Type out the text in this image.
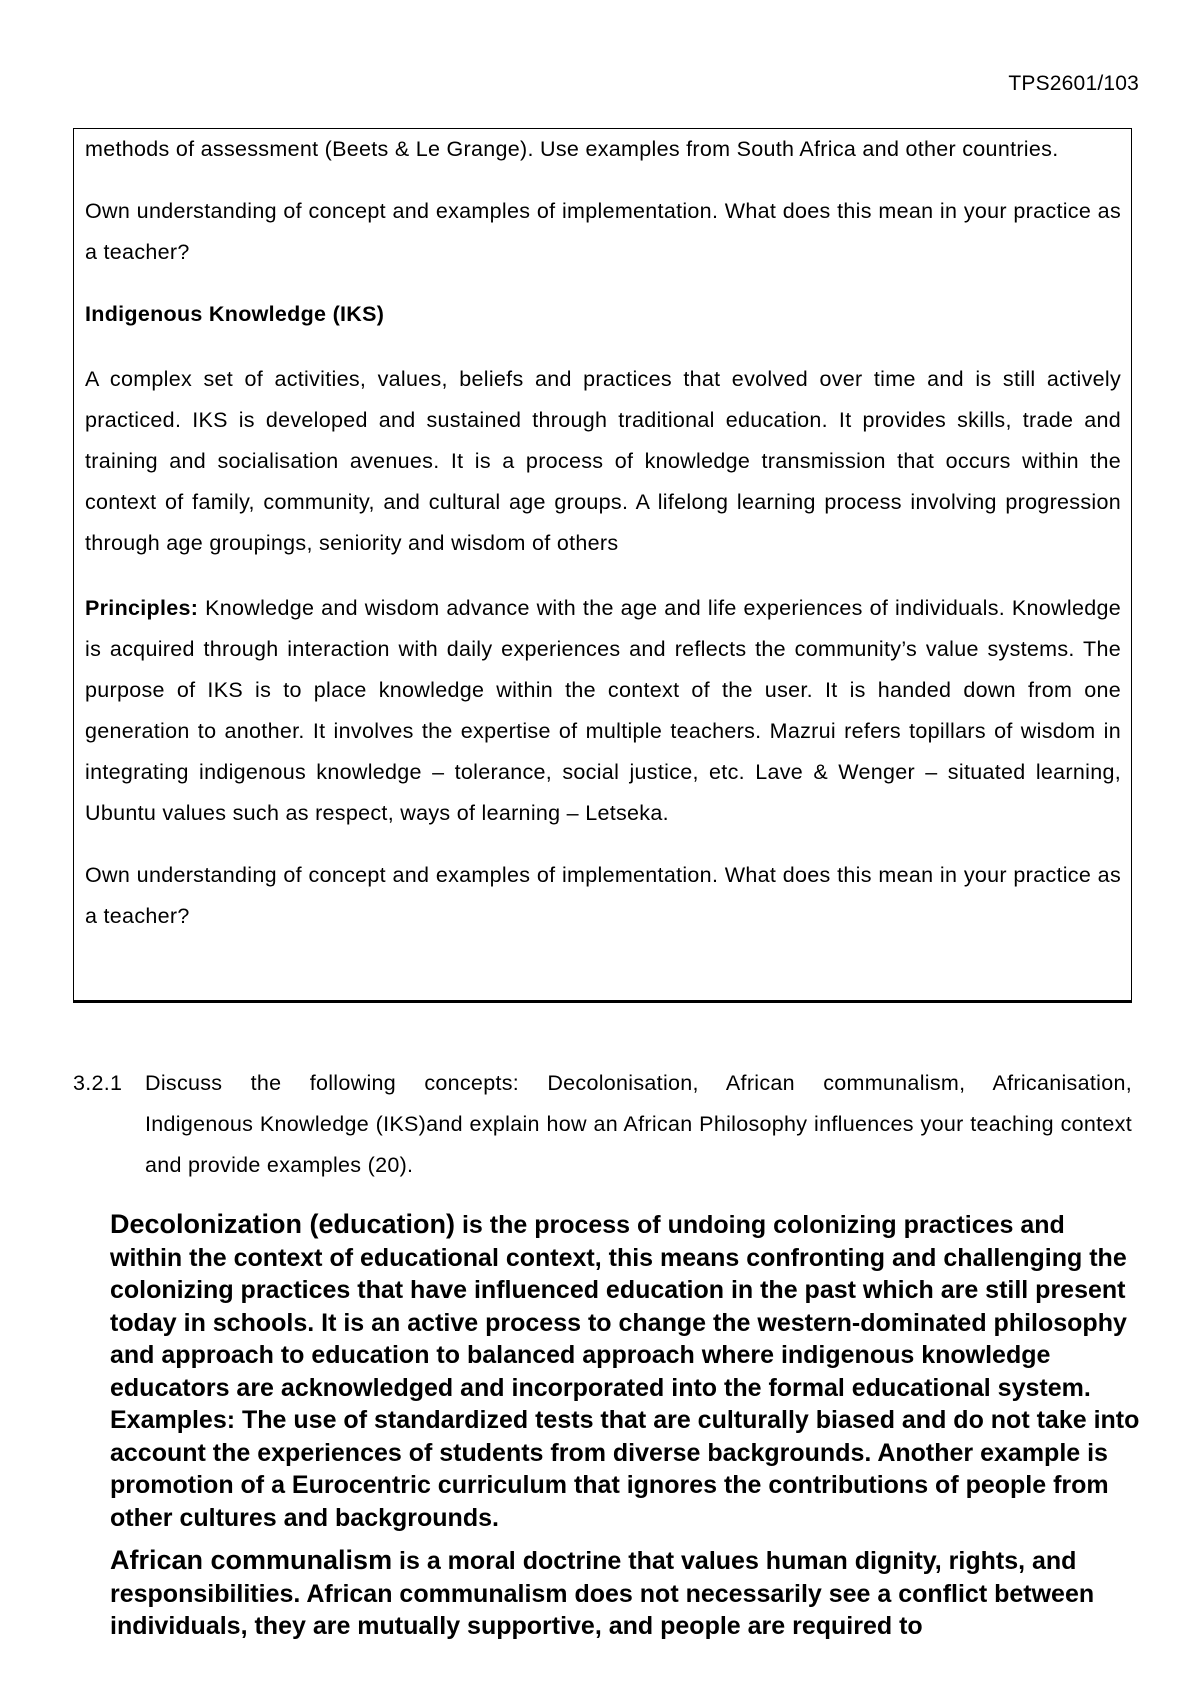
TPS2601/103

methods of assessment (Beets & Le Grange). Use examples from South Africa and other countries.

Own understanding of concept and examples of implementation. What does this mean in your practice as a teacher?

Indigenous Knowledge (IKS)

A complex set of activities, values, beliefs and practices that evolved over time and is still actively practiced. IKS is developed and sustained through traditional education. It provides skills, trade and training and socialisation avenues. It is a process of knowledge transmission that occurs within the context of family, community, and cultural age groups. A lifelong learning process involving progression through age groupings, seniority and wisdom of others

Principles: Knowledge and wisdom advance with the age and life experiences of individuals. Knowledge is acquired through interaction with daily experiences and reflects the community’s value systems. The purpose of IKS is to place knowledge within the context of the user. It is handed down from one generation to another. It involves the expertise of multiple teachers. Mazrui refers topillars of wisdom in integrating indigenous knowledge – tolerance, social justice, etc. Lave & Wenger – situated learning, Ubuntu values such as respect, ways of learning – Letseka.

Own understanding of concept and examples of implementation. What does this mean in your practice as a teacher?

3.2.1 Discuss the following concepts: Decolonisation, African communalism, Africanisation,
Indigenous Knowledge (IKS)and explain how an African Philosophy influences your teaching context and provide examples (20).

Decolonization (education) is the process of undoing colonizing practices and within the context of educational context, this means confronting and challenging the colonizing practices that have influenced education in the past which are still present today in schools. It is an active process to change the western-dominated philosophy and approach to education to balanced approach where indigenous knowledge educators are acknowledged and incorporated into the formal educational system. Examples: The use of standardized tests that are culturally biased and do not take into account the experiences of students from diverse backgrounds. Another example is promotion of a Eurocentric curriculum that ignores the contributions of people from other cultures and backgrounds.

African communalism is a moral doctrine that values human dignity, rights, and responsibilities. African communalism does not necessarily see a conflict between individuals, they are mutually supportive, and people are required to
